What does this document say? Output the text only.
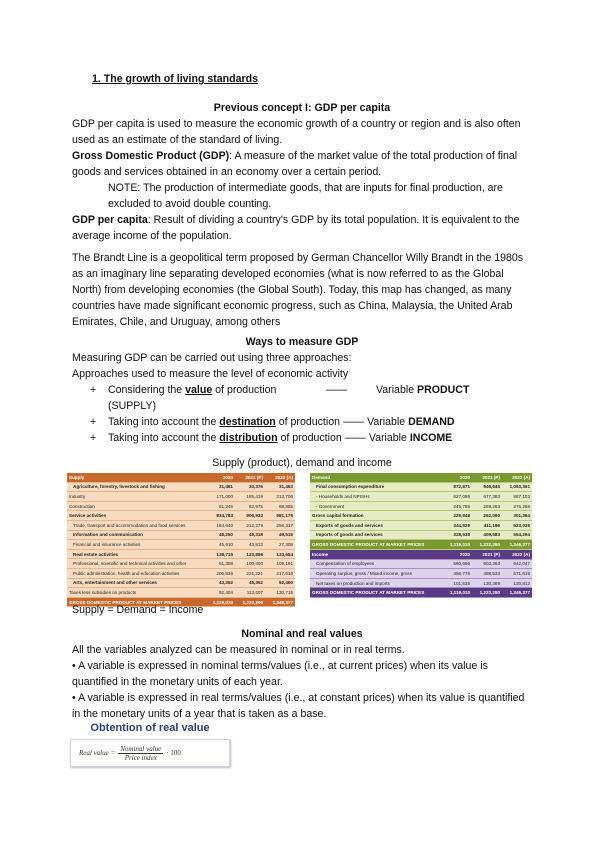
1. The growth of living standards
Previous concept I: GDP per capita
GDP per capita is used to measure the economic growth of a country or region and is also often used as an estimate of the standard of living.
Gross Domestic Product (GDP): A measure of the market value of the total production of final goods and services obtained in an economy over a certain period.
NOTE: The production of intermediate goods, that are inputs for final production, are excluded to avoid double counting.
GDP per capita: Result of dividing a country's GDP by its total population. It is equivalent to the average income of the population.
The Brandt Line is a geopolitical term proposed by German Chancellor Willy Brandt in the 1980s as an imaginary line separating developed economies (what is now referred to as the Global North) from developing economies (the Global South). Today, this map has changed, as many countries have made significant economic progress, such as China, Malaysia, the United Arab Emirates, Chile, and Uruguay, among others
Ways to measure GDP
Measuring GDP can be carried out using three approaches:
Approaches used to measure the level of economic activity
+    Considering the value of production	——	Variable PRODUCT

(SUPPLY)
+    Taking into account the destination of production —— Variable DEMAND
+    Taking into account the distribution of production —— Variable INCOME
Supply (product), demand and income
Supply	2020	2021 (P)	2022 (A)
Agriculture, forestry, livestock and fishing	31,461	33,376	31,463
Industry	171,000	185,419	213,706
Construction	61,245	62,975	68,865
Service activities	834,783	906,932	981,175
Trade, transport and accommodation and food services	184,640	212,279	256,317
Information and communication	48,250	49,318	49,515
Financial and insurance activities	45,910	43,813	27,308
Real estate activities	138,715	133,856	133,654
Professional, scientific and technical activities and other	81,308	100,400	109,191
Public administration, health and education activities	206,836	221,221	217,616
Arts, entertainment and other services	43,352	45,352	52,460
Taxes less subsidies on products	92,404	113,607	130,715
GROSS DOMESTIC PRODUCT AT MARKET PRICES	1,119,010	1,222,290	1,346,377
Demand	2020	2021 (P)	2022 (A)
Final consumption expenditure	872,871	946,646	1,063,361
- Households and NPISHs	627,086	677,383	867,103
- Government	245,785	269,263	276,258
Gross capital formation	229,848	262,090	301,364
Exports of goods and services	344,829	411,196	523,025
Imports of goods and services	328,538	409,583	554,294
GROSS DOMESTIC PRODUCT AT MARKET PRICES	1,119,010	1,222,290	1,346,377
Income	2020	2021 (P)	2022 (A)
Compensation of employees	560,696	603,363	642,047
Operating surplus, gross / Mixed income, gross	456,776	488,533	571,615
Net taxes on production and imports	101,538	130,389	130,812
GROSS DOMESTIC PRODUCT AT MARKET PRICES	1,119,010	1,222,290	1,346,377
Supply = Demand = Income
Nominal and real values
All the variables analyzed can be measured in nominal or in real terms.
• A variable is expressed in nominal terms/values (i.e., at current prices) when its value is quantified in the monetary units of each year.
• A variable is expressed in real terms/values (i.e., at constant prices) when its value is quantified in the monetary units of a year that is taken as a base.
Obtention of real value
Real value =
Nominal value
Price index
· 100
